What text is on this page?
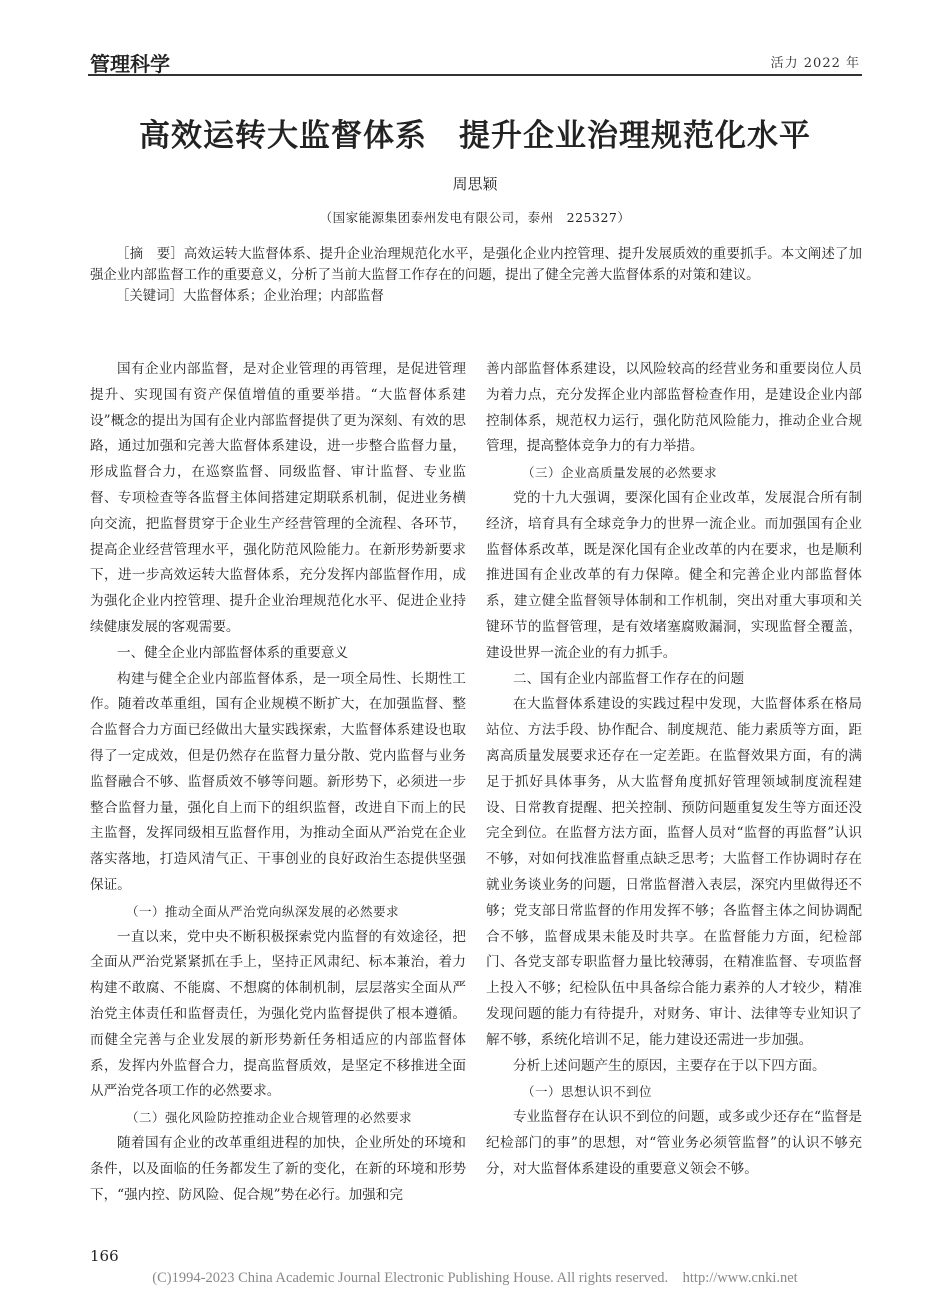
管理科学	活力 2022 年
高效运转大监督体系　提升企业治理规范化水平
周思颖
（国家能源集团泰州发电有限公司，泰州　225327）

［摘　要］高效运转大监督体系、提升企业治理规范化水平，是强化企业内控管理、提升发展质效的重要抓手。本文阐述了加强企业内部监督工作的重要意义，分析了当前大监督工作存在的问题，提出了健全完善大监督体系的对策和建议。

［关键词］大监督体系；企业治理；内部监督

国有企业内部监督，是对企业管理的再管理，是促进管理提升、实现国有资产保值增值的重要举措。“大监督体系建设”概念的提出为国有企业内部监督提供了更为深刻、有效的思路，通过加强和完善大监督体系建设，进一步整合监督力量，形成监督合力，在巡察监督、同级监督、审计监督、专业监督、专项检查等各监督主体间搭建定期联系机制，促进业务横向交流，把监督贯穿于企业生产经营管理的全流程、各环节，提高企业经营管理水平，强化防范风险能力。在新形势新要求下，进一步高效运转大监督体系，充分发挥内部监督作用，成为强化企业内控管理、提升企业治理规范化水平、促进企业持续健康发展的客观需要。

一、健全企业内部监督体系的重要意义

构建与健全企业内部监督体系，是一项全局性、长期性工作。随着改革重组，国有企业规模不断扩大，在加强监督、整合监督合力方面已经做出大量实践探索，大监督体系建设也取得了一定成效，但是仍然存在监督力量分散、党内监督与业务监督融合不够、监督质效不够等问题。新形势下，必须进一步整合监督力量，强化自上而下的组织监督，改进自下而上的民主监督，发挥同级相互监督作用，为推动全面从严治党在企业落实落地，打造风清气正、干事创业的良好政治生态提供坚强保证。

（一）推动全面从严治党向纵深发展的必然要求

一直以来，党中央不断积极探索党内监督的有效途径，把全面从严治党紧紧抓在手上，坚持正风肃纪、标本兼治，着力构建不敢腐、不能腐、不想腐的体制机制，层层落实全面从严治党主体责任和监督责任，为强化党内监督提供了根本遵循。而健全完善与企业发展的新形势新任务相适应的内部监督体系，发挥内外监督合力，提高监督质效，是坚定不移推进全面从严治党各项工作的必然要求。

（二）强化风险防控推动企业合规管理的必然要求

随着国有企业的改革重组进程的加快，企业所处的环境和条件，以及面临的任务都发生了新的变化，在新的环境和形势下，“强内控、防风险、促合规”势在必行。加强和完

善内部监督体系建设，以风险较高的经营业务和重要岗位人员为着力点，充分发挥企业内部监督检查作用，是建设企业内部控制体系，规范权力运行，强化防范风险能力，推动企业合规管理，提高整体竞争力的有力举措。

（三）企业高质量发展的必然要求

党的十九大强调，要深化国有企业改革，发展混合所有制经济，培育具有全球竞争力的世界一流企业。而加强国有企业监督体系改革，既是深化国有企业改革的内在要求，也是顺利推进国有企业改革的有力保障。健全和完善企业内部监督体系，建立健全监督领导体制和工作机制，突出对重大事项和关键环节的监督管理，是有效堵塞腐败漏洞，实现监督全覆盖，建设世界一流企业的有力抓手。

二、国有企业内部监督工作存在的问题

在大监督体系建设的实践过程中发现，大监督体系在格局站位、方法手段、协作配合、制度规范、能力素质等方面，距离高质量发展要求还存在一定差距。在监督效果方面，有的满足于抓好具体事务，从大监督角度抓好管理领域制度流程建设、日常教育提醒、把关控制、预防问题重复发生等方面还没完全到位。在监督方法方面，监督人员对“监督的再监督”认识不够，对如何找准监督重点缺乏思考；大监督工作协调时存在就业务谈业务的问题，日常监督潜入表层，深究内里做得还不够；党支部日常监督的作用发挥不够；各监督主体之间协调配合不够，监督成果未能及时共享。在监督能力方面，纪检部门、各党支部专职监督力量比较薄弱，在精准监督、专项监督上投入不够；纪检队伍中具备综合能力素养的人才较少，精准发现问题的能力有待提升，对财务、审计、法律等专业知识了解不够，系统化培训不足，能力建设还需进一步加强。

分析上述问题产生的原因，主要存在于以下四方面。

（一）思想认识不到位

专业监督存在认识不到位的问题，或多或少还存在“监督是纪检部门的事”的思想，对“管业务必须管监督”的认识不够充分，对大监督体系建设的重要意义领会不够。

166
(C)1994-2023 China Academic Journal Electronic Publishing House. All rights reserved.　http://www.cnki.net
